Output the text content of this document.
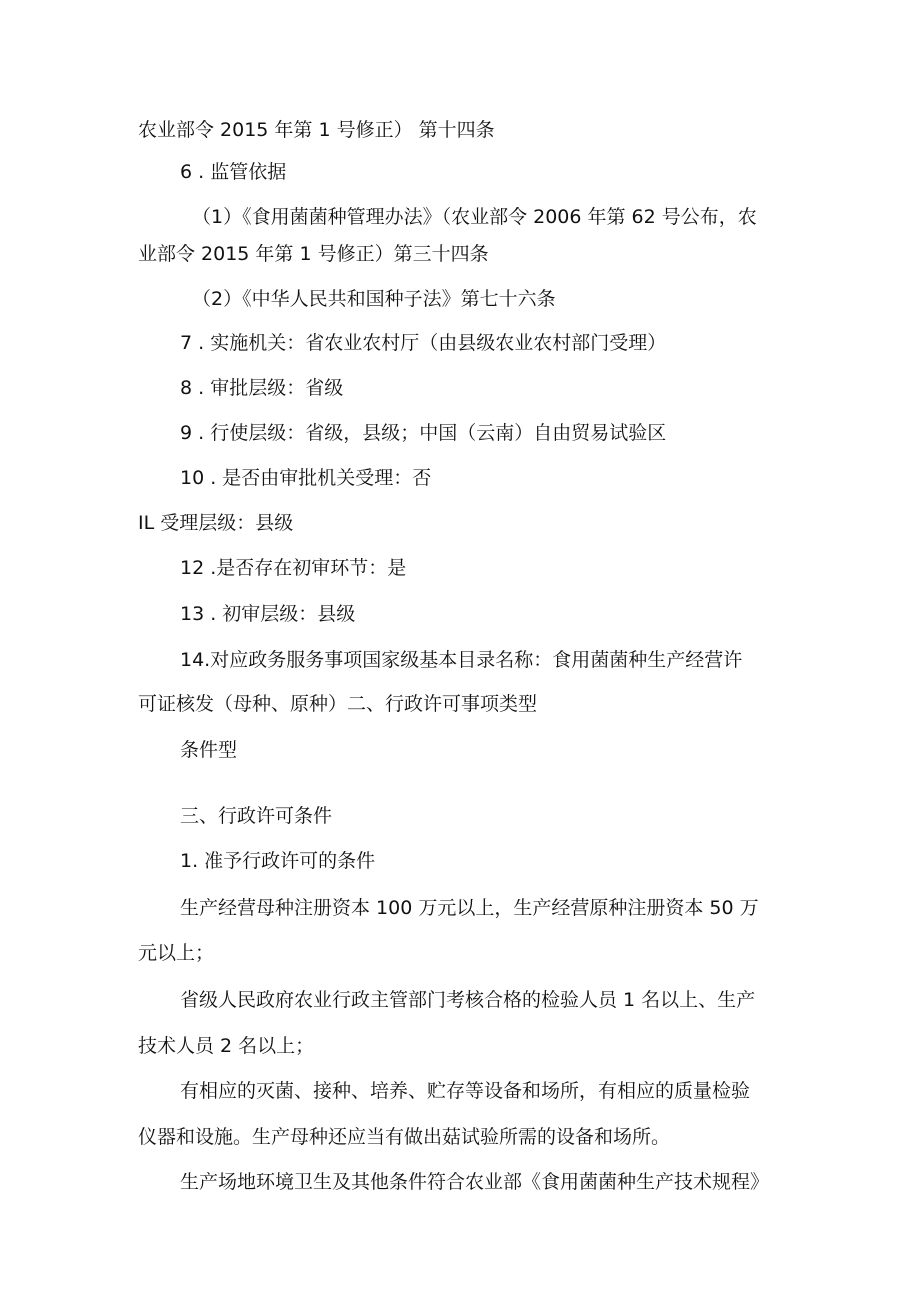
农业部令 2015 年第 1 号修正） 第十四条
6 . 监管依据
（1）《食用菌菌种管理办法》（农业部令 2006 年第 62 号公布，农
业部令 2015 年第 1 号修正）第三十四条
（2）《中华人民共和国种子法》第七十六条
7 . 实施机关：省农业农村厅（由县级农业农村部门受理）
8 . 审批层级：省级
9 . 行使层级：省级，县级；中国（云南）自由贸易试验区
10 . 是否由审批机关受理：否
IL 受理层级：县级
12 .是否存在初审环节：是
13 . 初审层级：县级
14.对应政务服务事项国家级基本目录名称：食用菌菌种生产经营许
可证核发（母种、原种）二、行政许可事项类型
条件型
三、行政许可条件
1. 准予行政许可的条件
生产经营母种注册资本 100 万元以上，生产经营原种注册资本 50 万
元以上；
省级人民政府农业行政主管部门考核合格的检验人员 1 名以上、生产
技术人员 2 名以上；
有相应的灭菌、接种、培养、贮存等设备和场所，有相应的质量检验
仪器和设施。生产母种还应当有做出菇试验所需的设备和场所。
生产场地环境卫生及其他条件符合农业部《食用菌菌种生产技术规程》
